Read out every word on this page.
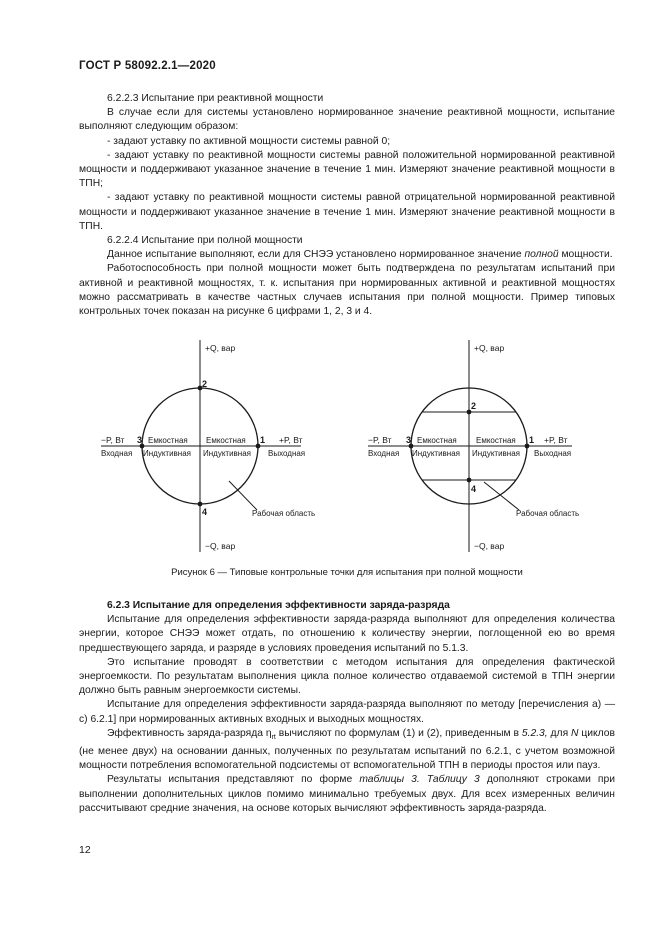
ГОСТ Р 58092.2.1—2020

6.2.2.3 Испытание при реактивной мощности

В случае если для системы установлено нормированное значение реактивной мощности, испытание выполняют следующим образом:

- задают уставку по активной мощности системы равной 0;

- задают уставку по реактивной мощности системы равной положительной нормированной реактивной мощности и поддерживают указанное значение в течение 1 мин. Измеряют значение реактивной мощности в ТПН;

- задают уставку по реактивной мощности системы равной отрицательной нормированной реактивной мощности и поддерживают указанное значение в течение 1 мин. Измеряют значение реактивной мощности в ТПН.

6.2.2.4 Испытание при полной мощности

Данное испытание выполняют, если для СНЭЭ установлено нормированное значение полной мощности.

Работоспособность при полной мощности может быть подтверждена по результатам испытаний при активной и реактивной мощностях, т. к. испытания при нормированных активной и реактивной мощностях можно рассматривать в качестве частных случаев испытания при полной мощности. Пример типовых контрольных точек показан на рисунке 6 цифрами 1, 2, 3 и 4.

+Q, вар
−Q, вар
−P, Вт	+P, Вт
Входная	Выходная
Емкостная Емкостная
Индуктивная Индуктивная
1
2
3
4	Рабочая область
+Q, вар
−Q, вар
−P, Вт	+P, Вт
Входная	Выходная
Емкостная Емкостная
Индуктивная Индуктивная
1
2
3
4
Рабочая область
Рисунок 6 — Типовые контрольные точки для испытания при полной мощности

6.2.3 Испытание для определения эффективности заряда-разряда

Испытание для определения эффективности заряда-разряда выполняют для определения количества энергии, которое СНЭЭ может отдать, по отношению к количеству энергии, поглощенной ею во время предшествующего заряда, и разряде в условиях проведения испытаний по 5.1.3.

Это испытание проводят в соответствии с методом испытания для определения фактической энергоемкости. По результатам выполнения цикла полное количество отдаваемой системой в ТПН энергии должно быть равным энергоемкости системы.

Испытание для определения эффективности заряда-разряда выполняют по методу [перечисления а) — с) 6.2.1] при нормированных активных входных и выходных мощностях.

Эффективность заряда-разряда $\eta_{rt}$ вычисляют по формулам (1) и (2), приведенным в 5.2.3, для N циклов (не менее двух) на основании данных, полученных по результатам испытаний по 6.2.1, с учетом возможной мощности потребления вспомогательной подсистемы от вспомогательной ТПН в периоды простоя или пауз.

Результаты испытания представляют по форме таблицы 3. Таблицу 3 дополняют строками при выполнении дополнительных циклов помимо минимально требуемых двух. Для всех измеренных величин рассчитывают средние значения, на основе которых вычисляют эффективность заряда-разряда.

12
